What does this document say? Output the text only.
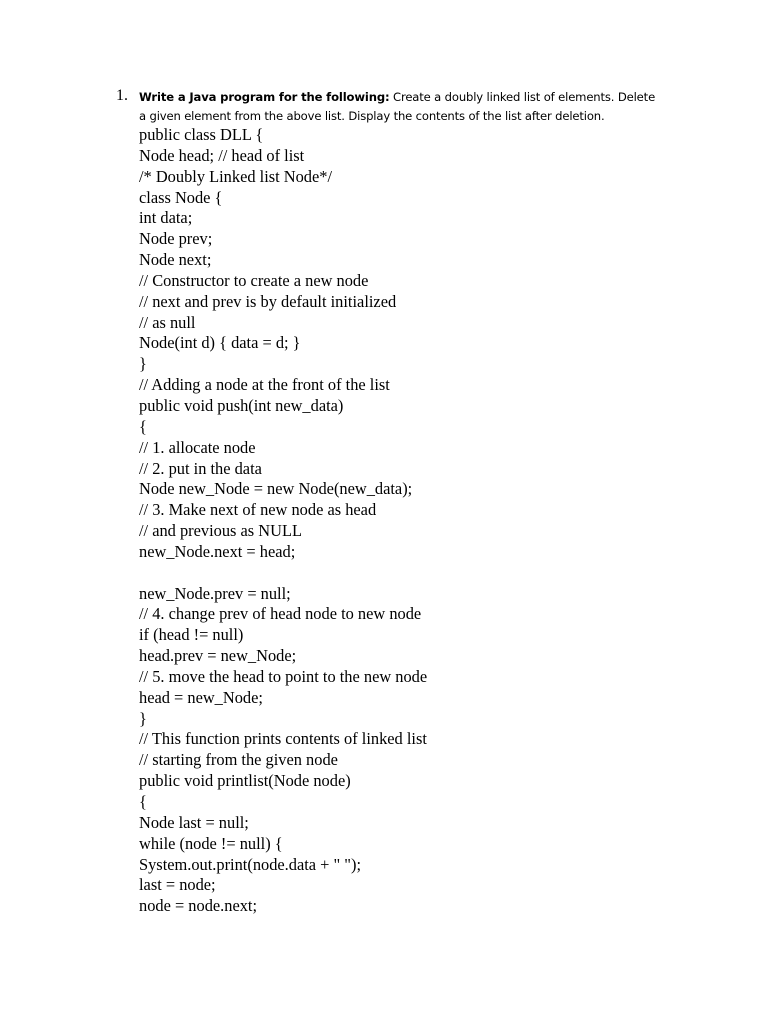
1. Write a Java program for the following: Create a doubly linked list of elements. Delete a given element from the above list. Display the contents of the list after deletion.
public class DLL {
Node head; // head of list
/* Doubly Linked list Node*/
class Node {
int data;
Node prev;
Node next;
// Constructor to create a new node
// next and prev is by default initialized
// as null
Node(int d) { data = d; }
}
// Adding a node at the front of the list
public void push(int new_data)
{
// 1. allocate node
// 2. put in the data
Node new_Node = new Node(new_data);
// 3. Make next of new node as head
// and previous as NULL
new_Node.next = head;
new_Node.prev = null;
// 4. change prev of head node to new node
if (head != null)
head.prev = new_Node;
// 5. move the head to point to the new node
head = new_Node;
}
// This function prints contents of linked list
// starting from the given node
public void printlist(Node node)
{
Node last = null;
while (node != null) {
System.out.print(node.data + " ");
last = node;
node = node.next;
